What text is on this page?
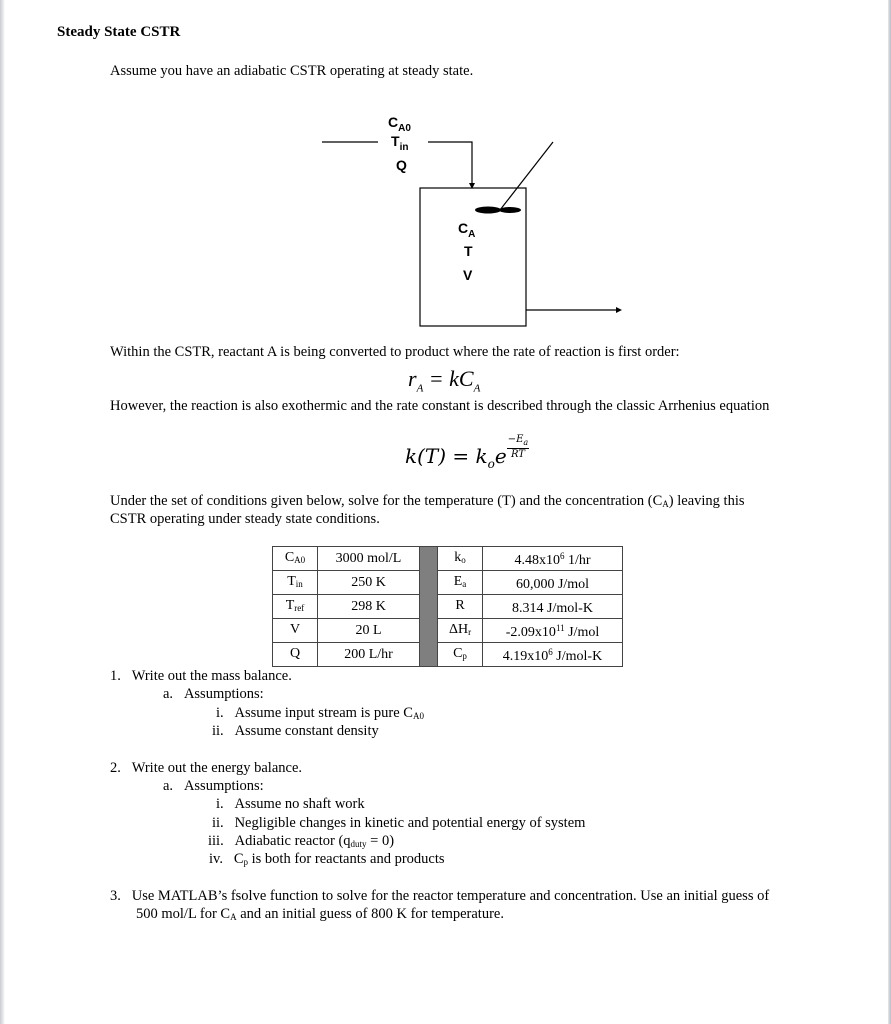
Steady State CSTR
Assume you have an adiabatic CSTR operating at steady state.
$C_{A0}$
$T_{in}$
Q
$C_A$
T
V
Within the CSTR, reactant A is being converted to product where the rate of reaction is first order:
$r_A = kC_A$
However, the reaction is also exothermic and the rate constant is described through the classic Arrhenius equation
$k(T) = k_oe \frac{-E_a}{RT}$
Under the set of conditions given below, solve for the temperature (T) and the concentration $(C_A)$ leaving this
CSTR operating under steady state conditions.
$C_{A0}$	3000 mol/L		$k_o$	$4.48x10^6$ 1/hr
$T_{in}$	250 K		$E_a$	60,000 J/mol
$T_{ref}$	298 K		R	8.314 J/mol-K
V	20 L		$\Delta H_r$	$-2.09x10^{11}$ J/mol
Q	200 L/hr		$C_p$	$4.19x10^6$ J/mol-K
1. Write out the mass balance.
a. Assumptions:
i. Assume input stream is pure $C_{A0}$
ii. Assume constant density
2. Write out the energy balance.
a. Assumptions:
i. Assume no shaft work
ii. Negligible changes in kinetic and potential energy of system
iii. Adiabatic reactor $(q_{duty} = 0)$
iv. $C_p$ is both for reactants and products
3. Use MATLAB’s fsolve function to solve for the reactor temperature and concentration. Use an initial guess of
500 mol/L for $C_A$ and an initial guess of 800 K for temperature.
